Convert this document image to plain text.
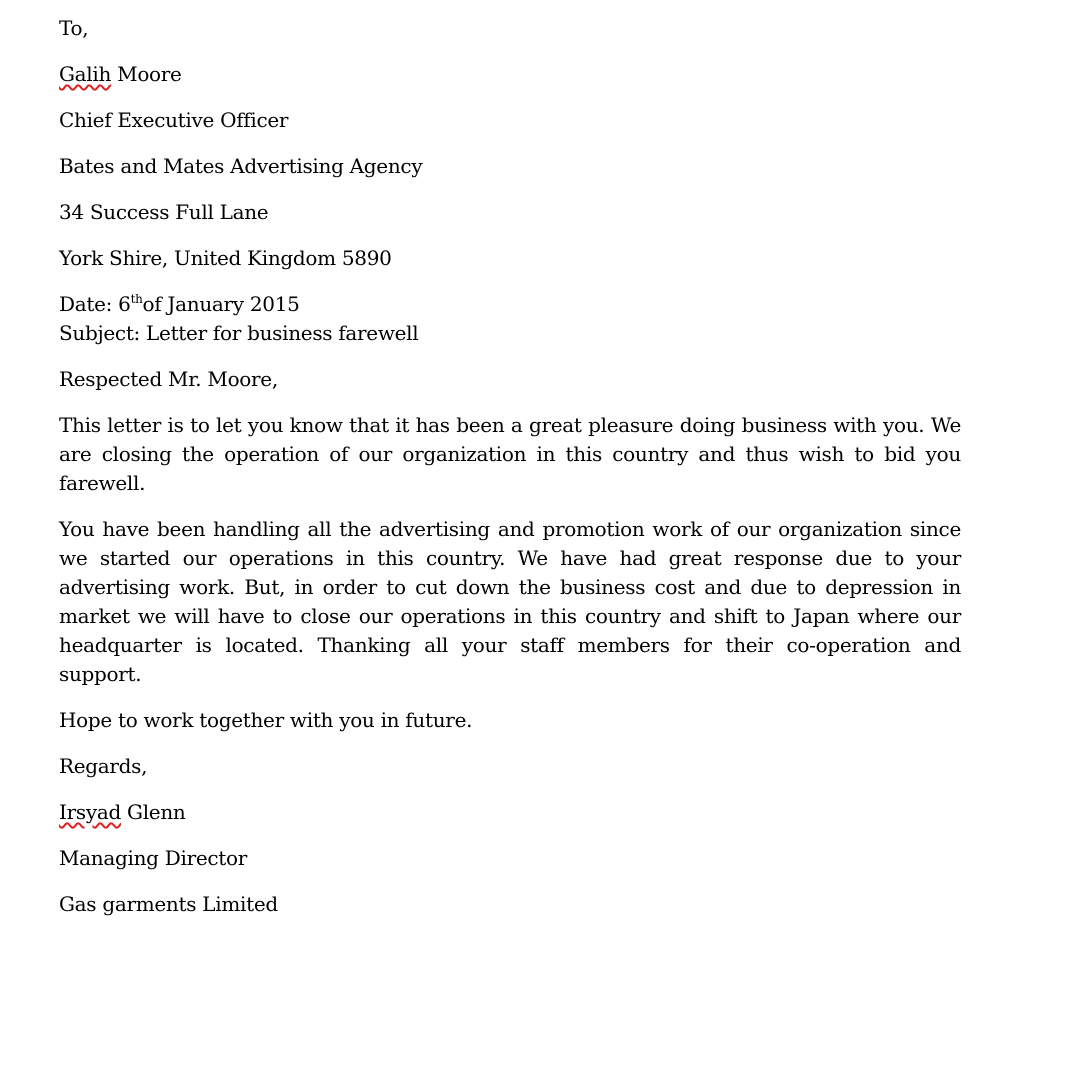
To,
Galih Moore
Chief Executive Officer
Bates and Mates Advertising Agency
34 Success Full Lane
York Shire, United Kingdom 5890
Date: 6thof January 2015
Subject: Letter for business farewell
Respected Mr. Moore,
This letter is to let you know that it has been a great pleasure doing business with you. We are closing the operation of our organization in this country and thus wish to bid you farewell.
You have been handling all the advertising and promotion work of our organization since we started our operations in this country. We have had great response due to your advertising work. But, in order to cut down the business cost and due to depression in market we will have to close our operations in this country and shift to Japan where our headquarter is located. Thanking all your staff members for their co-operation and support.
Hope to work together with you in future.
Regards,
Irsyad Glenn
Managing Director
Gas garments Limited
